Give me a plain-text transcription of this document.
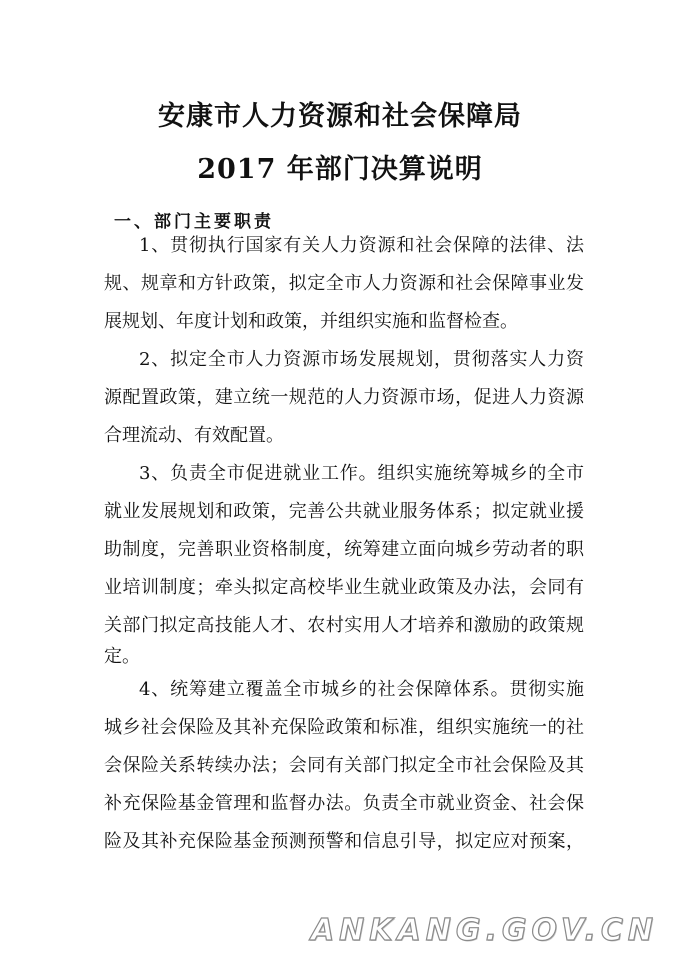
安康市人力资源和社会保障局
2017 年部门决算说明
一、部门主要职责
1、贯彻执行国家有关人力资源和社会保障的法律、法
规、规章和方针政策，拟定全市人力资源和社会保障事业发
展规划、年度计划和政策，并组织实施和监督检查。
2、拟定全市人力资源市场发展规划，贯彻落实人力资
源配置政策，建立统一规范的人力资源市场，促进人力资源
合理流动、有效配置。
3、负责全市促进就业工作。组织实施统筹城乡的全市
就业发展规划和政策，完善公共就业服务体系；拟定就业援
助制度，完善职业资格制度，统筹建立面向城乡劳动者的职
业培训制度；牵头拟定高校毕业生就业政策及办法，会同有
关部门拟定高技能人才、农村实用人才培养和激励的政策规
定。
4、统筹建立覆盖全市城乡的社会保障体系。贯彻实施
城乡社会保险及其补充保险政策和标准，组织实施统一的社
会保险关系转续办法；会同有关部门拟定全市社会保险及其
补充保险基金管理和监督办法。负责全市就业资金、社会保
险及其补充保险基金预测预警和信息引导，拟定应对预案，
ANKANG.GOV.CN
